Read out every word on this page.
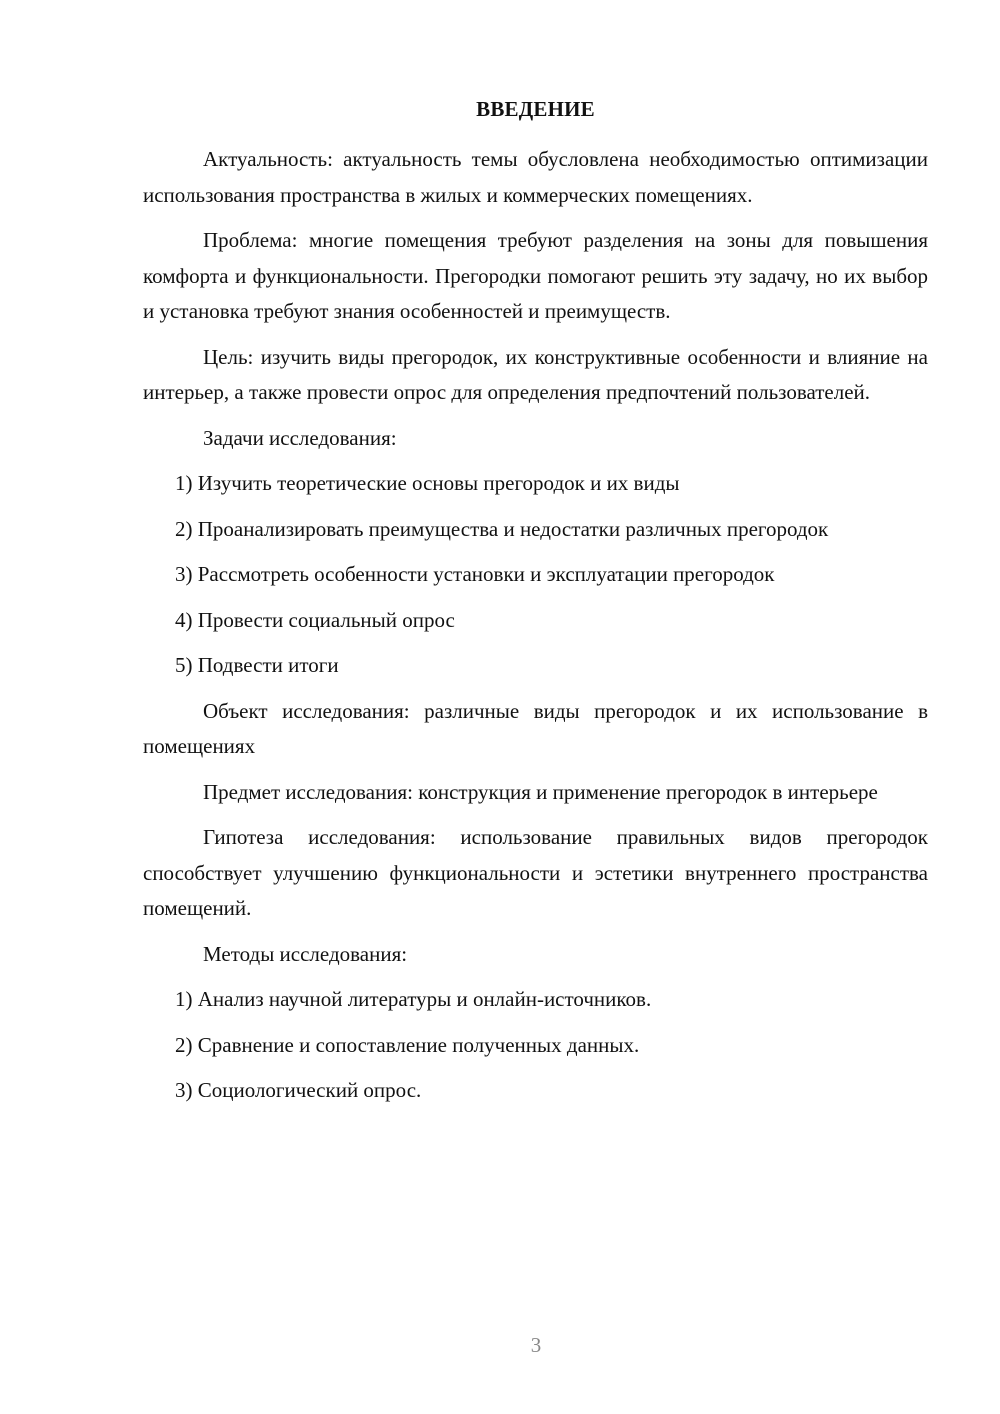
ВВЕДЕНИЕ

Актуальность: актуальность темы обусловлена необходимостью оптимизации использования пространства в жилых и коммерческих помещениях.

Проблема: многие помещения требуют разделения на зоны для повышения комфорта и функциональности. Прегородки помогают решить эту задачу, но их выбор и установка требуют знания особенностей и преимуществ.

Цель: изучить виды прегородок, их конструктивные особенности и влияние на интерьер, а также провести опрос для определения предпочтений пользователей.

Задачи исследования:

1) Изучить теоретические основы прегородок и их виды

2) Проанализировать преимущества и недостатки различных прегородок

3) Рассмотреть особенности установки и эксплуатации прегородок

4) Провести социальный опрос

5) Подвести итоги

Объект исследования: различные виды прегородок и их использование в помещениях

Предмет исследования: конструкция и применение прегородок в интерьере

Гипотеза исследования: использование правильных видов прегородок способствует улучшению функциональности и эстетики внутреннего пространства помещений.

Методы исследования:

1) Анализ научной литературы и онлайн-источников.

2) Сравнение и сопоставление полученных данных.

3) Социологический опрос.

3
